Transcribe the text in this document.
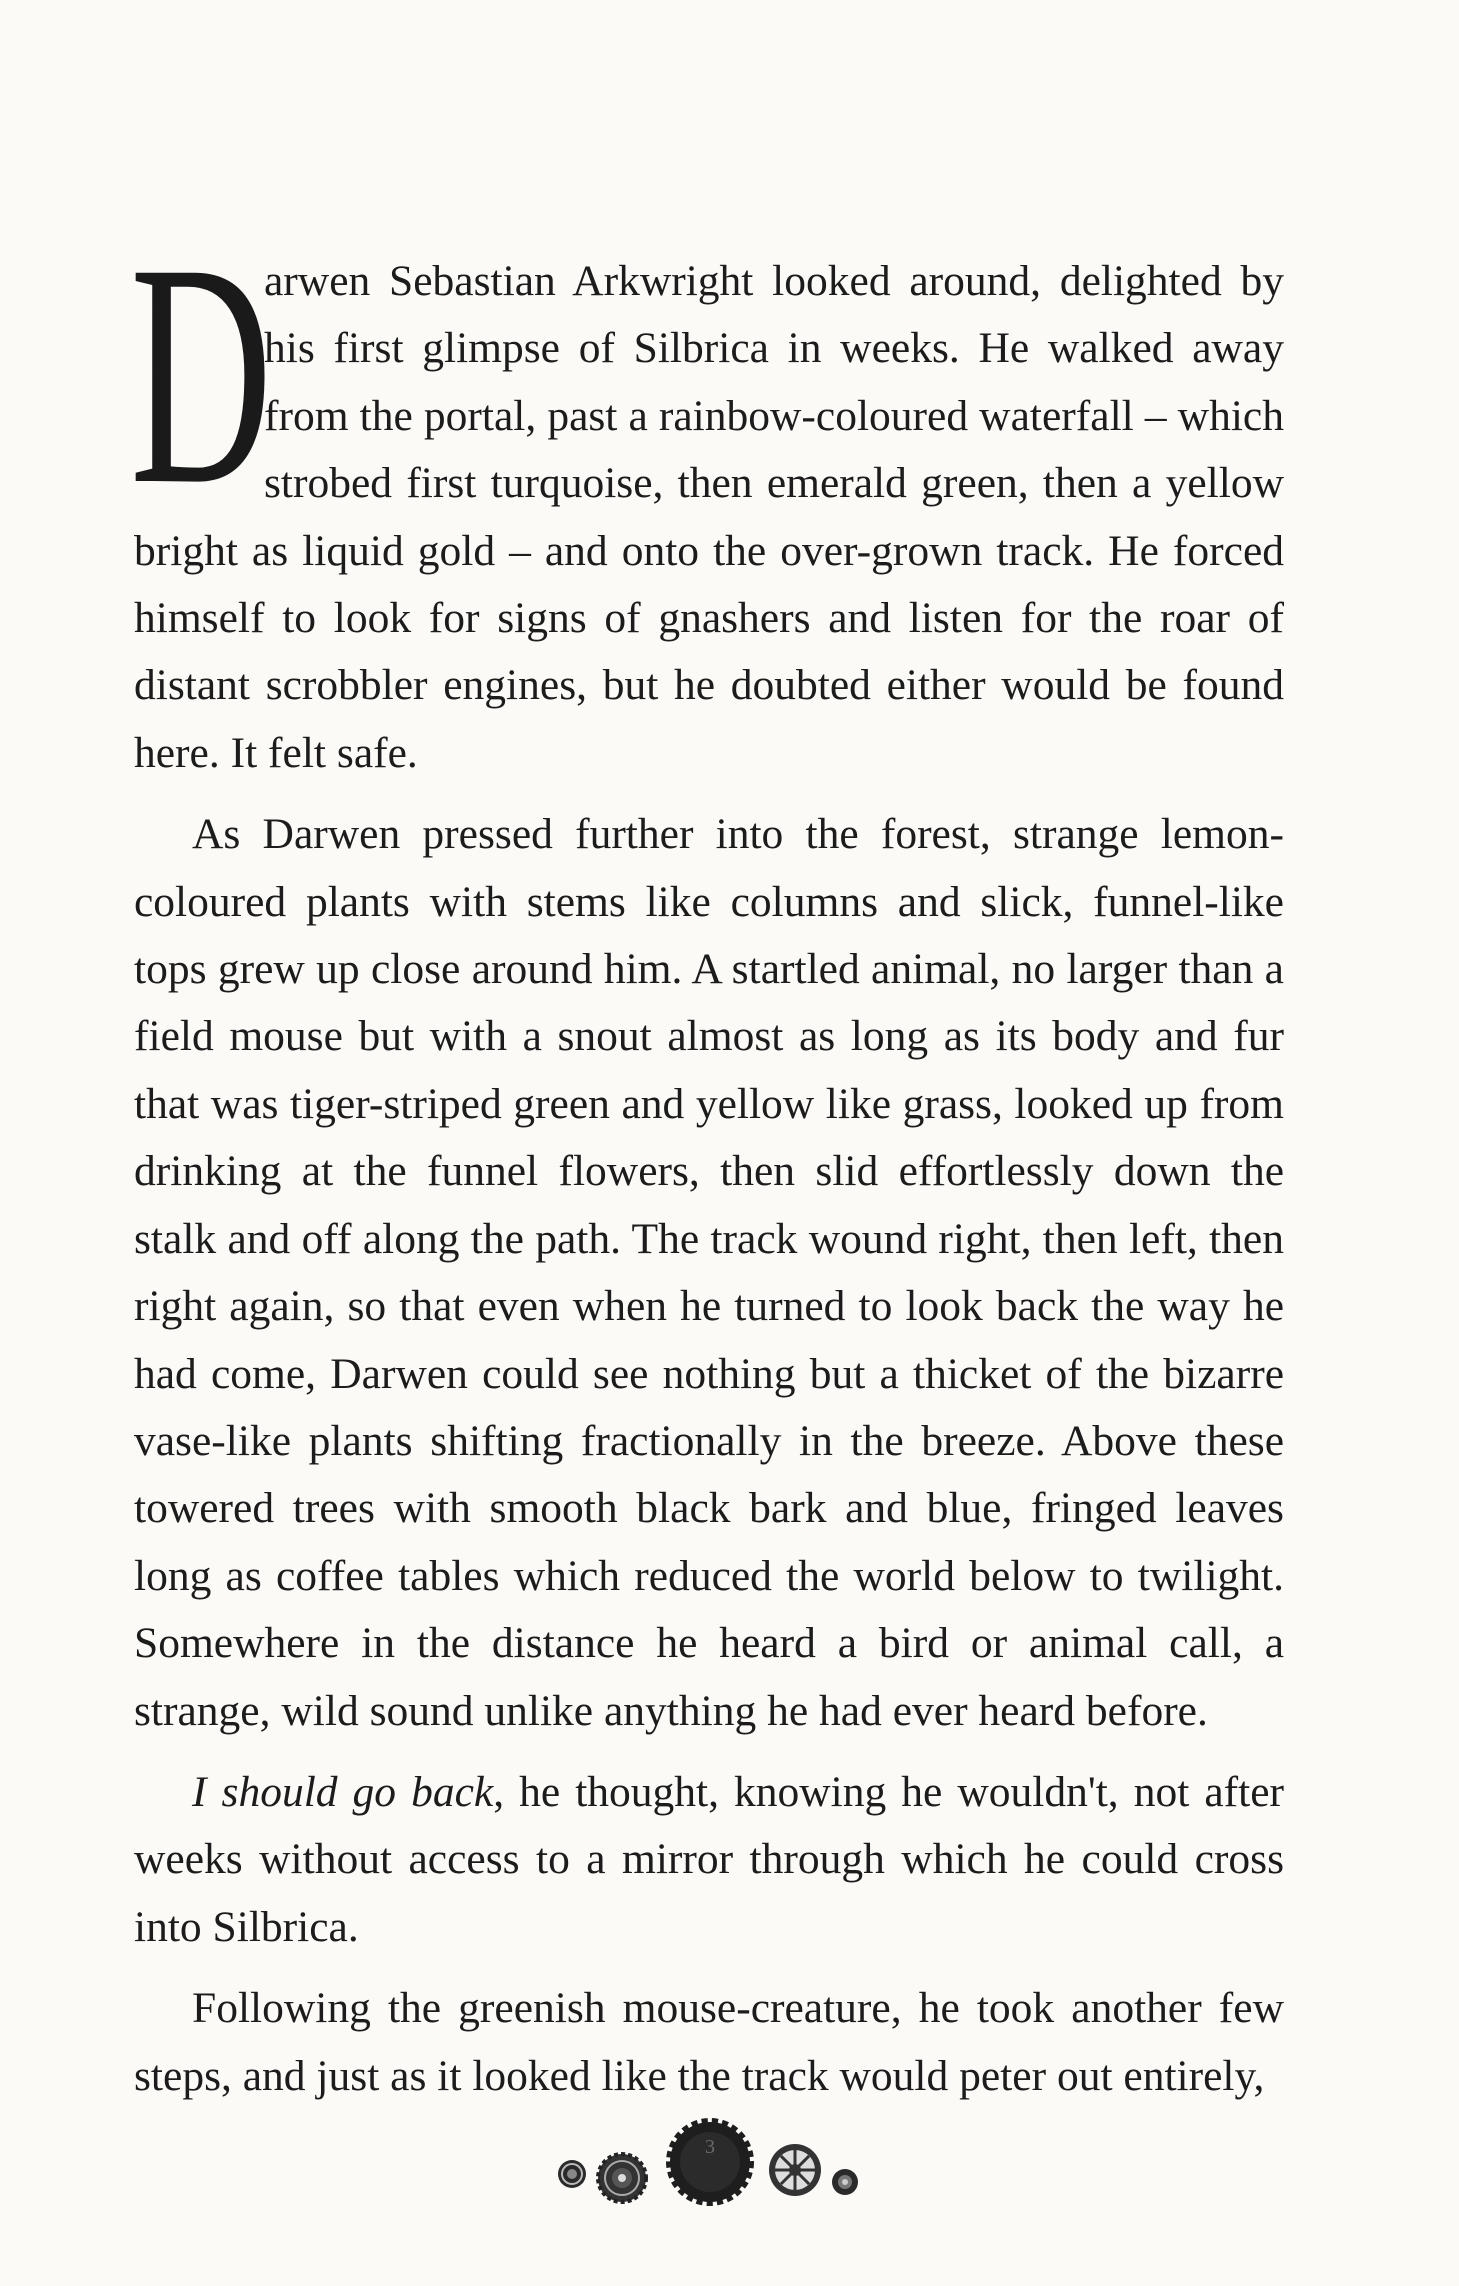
D
arwen Sebastian Arkwright looked around, delighted by his first glimpse of Silbrica in weeks. He walked away from the portal, past a rainbow-coloured waterfall – which strobed first turquoise, then emerald green, then a yellow bright as liquid gold – and onto the over-grown track. He forced himself to look for signs of gnashers and listen for the roar of distant scrobbler engines, but he doubted either would be found here. It felt safe.

As Darwen pressed further into the forest, strange lemon-coloured plants with stems like columns and slick, funnel-like tops grew up close around him. A startled animal, no larger than a field mouse but with a snout almost as long as its body and fur that was tiger-striped green and yellow like grass, looked up from drinking at the funnel flowers, then slid effortlessly down the stalk and off along the path. The track wound right, then left, then right again, so that even when he turned to look back the way he had come, Darwen could see nothing but a thicket of the bizarre vase-like plants shifting fractionally in the breeze. Above these towered trees with smooth black bark and blue, fringed leaves long as coffee tables which reduced the world below to twilight. Somewhere in the distance he heard a bird or animal call, a strange, wild sound unlike anything he had ever heard before.

I should go back, he thought, knowing he wouldn't, not after weeks without access to a mirror through which he could cross into Silbrica.

Following the greenish mouse-creature, he took another few steps, and just as it looked like the track would peter out entirely,

3
